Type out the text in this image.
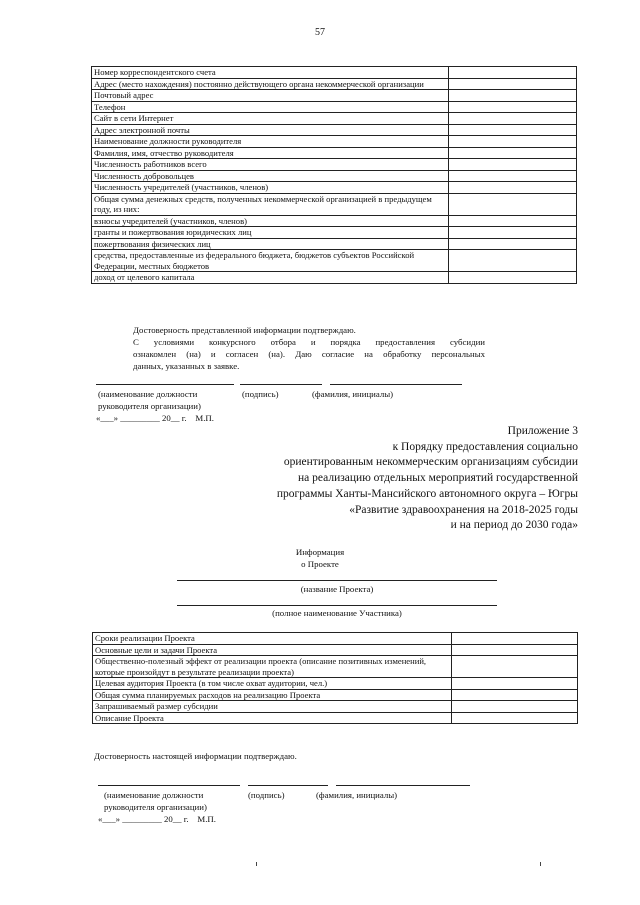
57
Номер корреспондентского счета	
Адрес (место нахождения) постоянно действующего органа некоммерческой организации	
Почтовый адрес	
Телефон	
Сайт в сети Интернет	
Адрес электронной почты	
Наименование должности руководителя	
Фамилия, имя, отчество руководителя	
Численность работников всего	
Численность добровольцев	
Численность учредителей (участников, членов)	
Общая сумма денежных средств, полученных некоммерческой организацией в предыдущем году, из них:	
взносы учредителей (участников, членов)	
гранты и пожертвования юридических лиц	
пожертвования физических лиц	
средства, предоставленные из федерального бюджета, бюджетов субъектов Российской Федерации, местных бюджетов	
доход от целевого капитала	
Достоверность представленной информации подтверждаю.
С условиями конкурсного отбора и порядка предоставления субсидии
ознакомлен (на) и согласен (на). Даю согласие на обработку персональных
данных, указанных в заявке.
(наименование должности	(подпись)	(фамилия, инициалы)
руководителя организации)
«___» _________ 20__ г.    М.П.
Приложение 3
к Порядку предоставления социально
ориентированным некоммерческим организациям субсидии
на реализацию отдельных мероприятий государственной
программы Ханты-Мансийского автономного округа – Югры
«Развитие здравоохранения на 2018-2025 годы
и на период до 2030 года»
Информация
о Проекте
(название Проекта)
(полное наименование Участника)
Сроки реализации Проекта	
Основные цели и задачи Проекта	
Общественно-полезный эффект от реализации проекта (описание позитивных изменений, которые произойдут в результате реализации проекта)	
Целевая аудитория Проекта (в том числе охват аудитории, чел.)	
Общая сумма планируемых расходов на реализацию Проекта	
Запрашиваемый размер субсидии	
Описание Проекта	
Достоверность настоящей информации подтверждаю.
(наименование должности	(подпись)	(фамилия, инициалы)
руководителя организации)
«___» _________ 20__ г.    М.П.
